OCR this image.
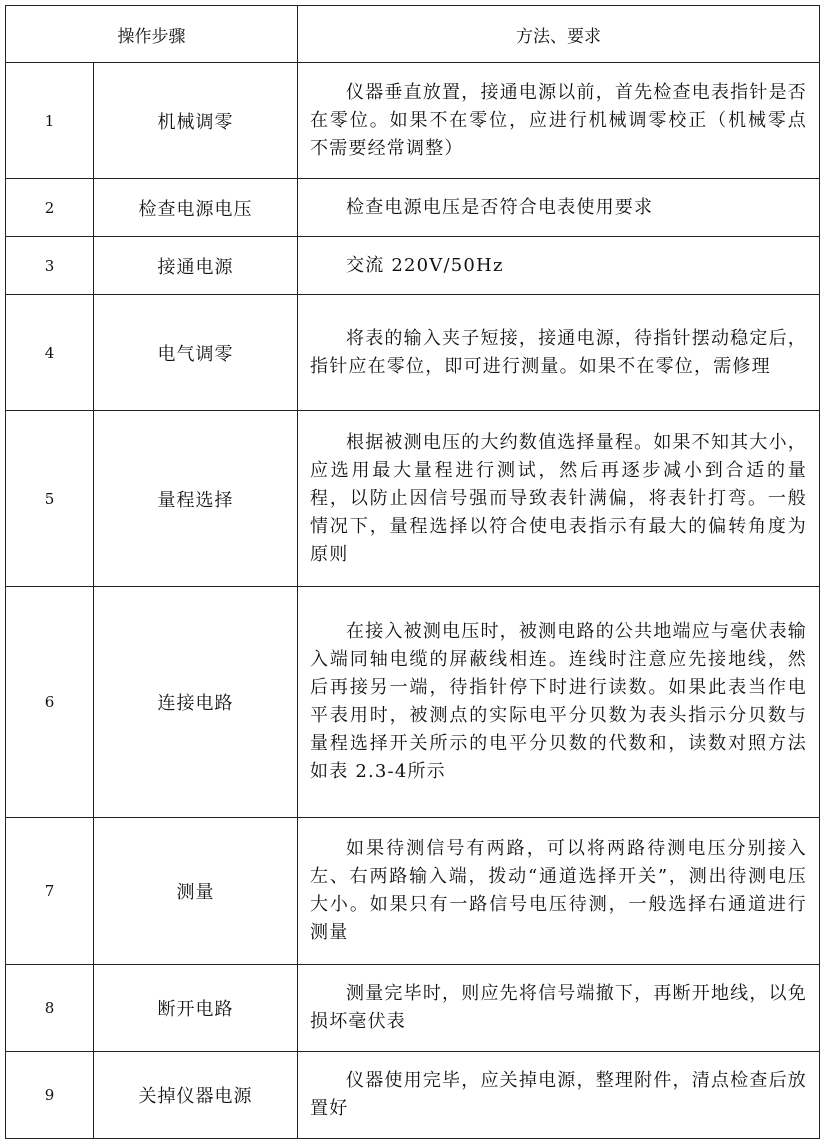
操作步骤		方法、要求
1	机械调零	仪器垂直放置，接通电源以前，首先检查电表指针是否在零位。如果不在零位，应进行机械调零校正（机械零点不需要经常调整）
2	检查电源电压	检查电源电压是否符合电表使用要求
3	接通电源	交流 220V/50Hz
4	电气调零	将表的输入夹子短接，接通电源，待指针摆动稳定后，指针应在零位，即可进行测量。如果不在零位，需修理
5	量程选择	根据被测电压的大约数值选择量程。如果不知其大小，应选用最大量程进行测试，然后再逐步减小到合适的量程，以防止因信号强而导致表针满偏，将表针打弯。一般情况下，量程选择以符合使电表指示有最大的偏转角度为原则
6	连接电路	在接入被测电压时，被测电路的公共地端应与毫伏表输入端同轴电缆的屏蔽线相连。连线时注意应先接地线，然后再接另一端，待指针停下时进行读数。如果此表当作电平表用时，被测点的实际电平分贝数为表头指示分贝数与量程选择开关所示的电平分贝数的代数和，读数对照方法如表 2.3-4所示
7	测量	如果待测信号有两路，可以将两路待测电压分别接入左、右两路输入端，拨动“通道选择开关”，测出待测电压大小。如果只有一路信号电压待测，一般选择右通道进行测量
8	断开电路	测量完毕时，则应先将信号端撤下，再断开地线，以免损坏毫伏表
9	关掉仪器电源	仪器使用完毕，应关掉电源，整理附件，清点检查后放置好
